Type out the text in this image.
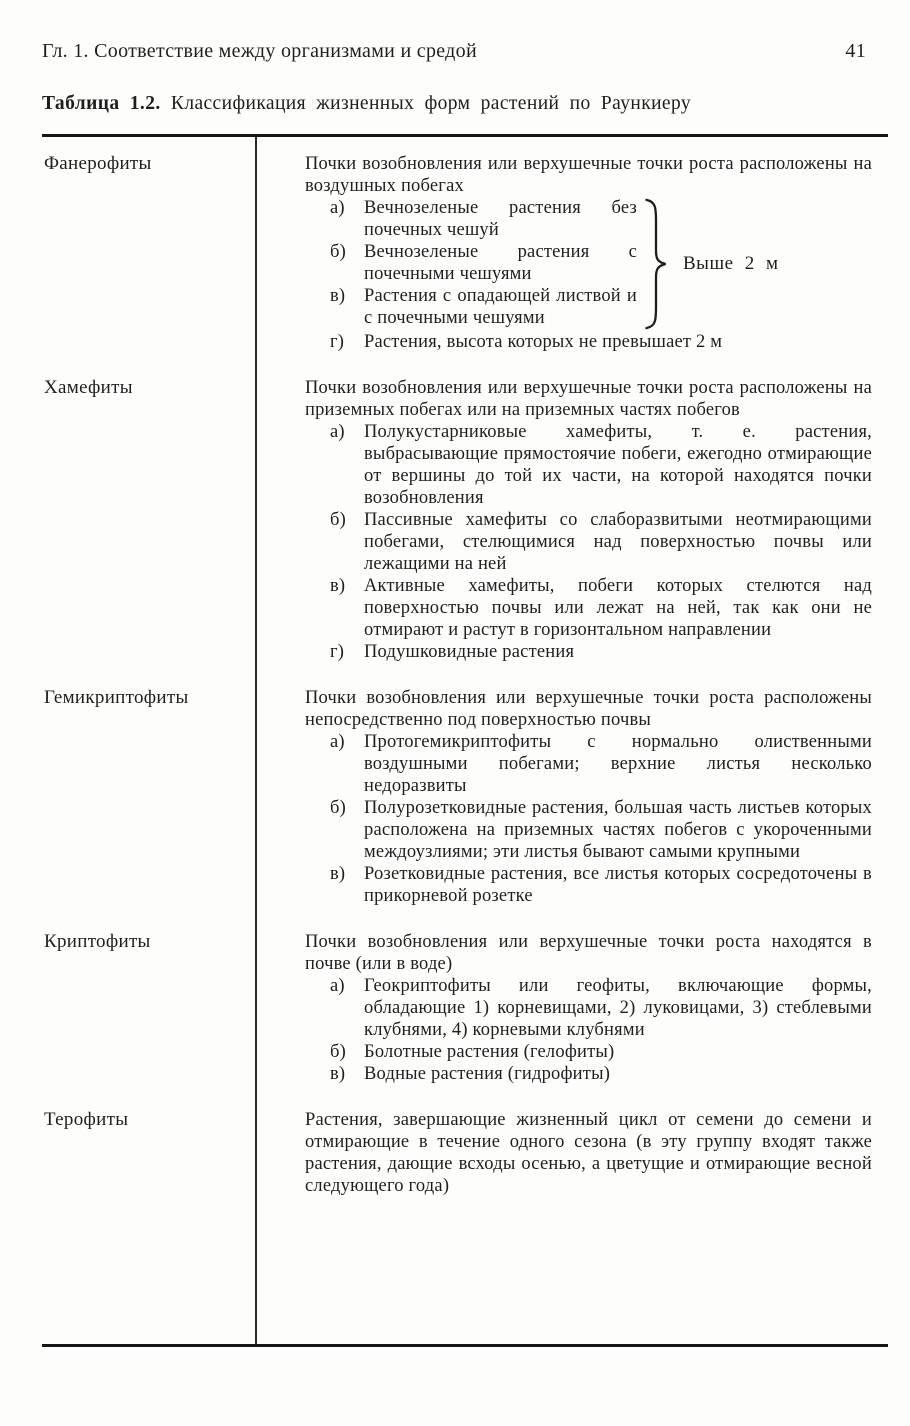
Гл. 1. Соответствие между организмами и средой	41
Таблица 1.2. Классификация жизненных форм растений по Раункиеру
Фанерофиты	Почки возобновления или верхушечные точки роста расположены на воздушных побегах

а)	Вечнозеленые растения без почечных чешуй
б) Вечнозеленые растения с почечными чешуями
в)	Растения с опадающей листвой и с почечными чешуями
Выше 2 м
г)	Растения, высота которых не превышает 2 м
Хамефиты	Почки возобновления или верхушечные точки роста расположены на приземных побегах или на приземных частях побегов

а)	Полукустарниковые хамефиты, т. е. растения, выбрасывающие прямостоячие побеги, ежегодно отмирающие от вершины до той их части, на которой находятся почки возобновления
б) Пассивные хамефиты со слаборазвитыми неотмирающими побегами, стелющимися над поверхностью почвы или лежащими на ней
в)	Активные хамефиты, побеги которых стелются над поверхностью почвы или лежат на ней, так как они не отмирают и растут в горизонтальном направлении
г)	Подушковидные растения
Гемикриптофиты	Почки возобновления или верхушечные точки роста расположены непосредственно под поверхностью почвы

а)	Протогемикриптофиты с нормально олиственными воздушными побегами; верхние листья несколько недоразвиты
б) Полурозетковидные растения, большая часть листьев которых расположена на приземных частях побегов с укороченными междоузлиями; эти листья бывают самыми крупными
в)	Розетковидные растения, все листья которых сосредоточены в прикорневой розетке
Криптофиты	Почки возобновления или верхушечные точки роста находятся в почве (или в воде)

а)	Геокриптофиты или геофиты, включающие формы, обладающие 1) корневищами, 2) луковицами, 3) стеблевыми клубнями, 4) корневыми клубнями
б) Болотные растения (гелофиты)
в)	Водные растения (гидрофиты)
Терофиты	Растения, завершающие жизненный цикл от семени до семени и отмирающие в течение одного сезона (в эту группу входят также растения, дающие всходы осенью, а цветущие и отмирающие весной следующего года)
